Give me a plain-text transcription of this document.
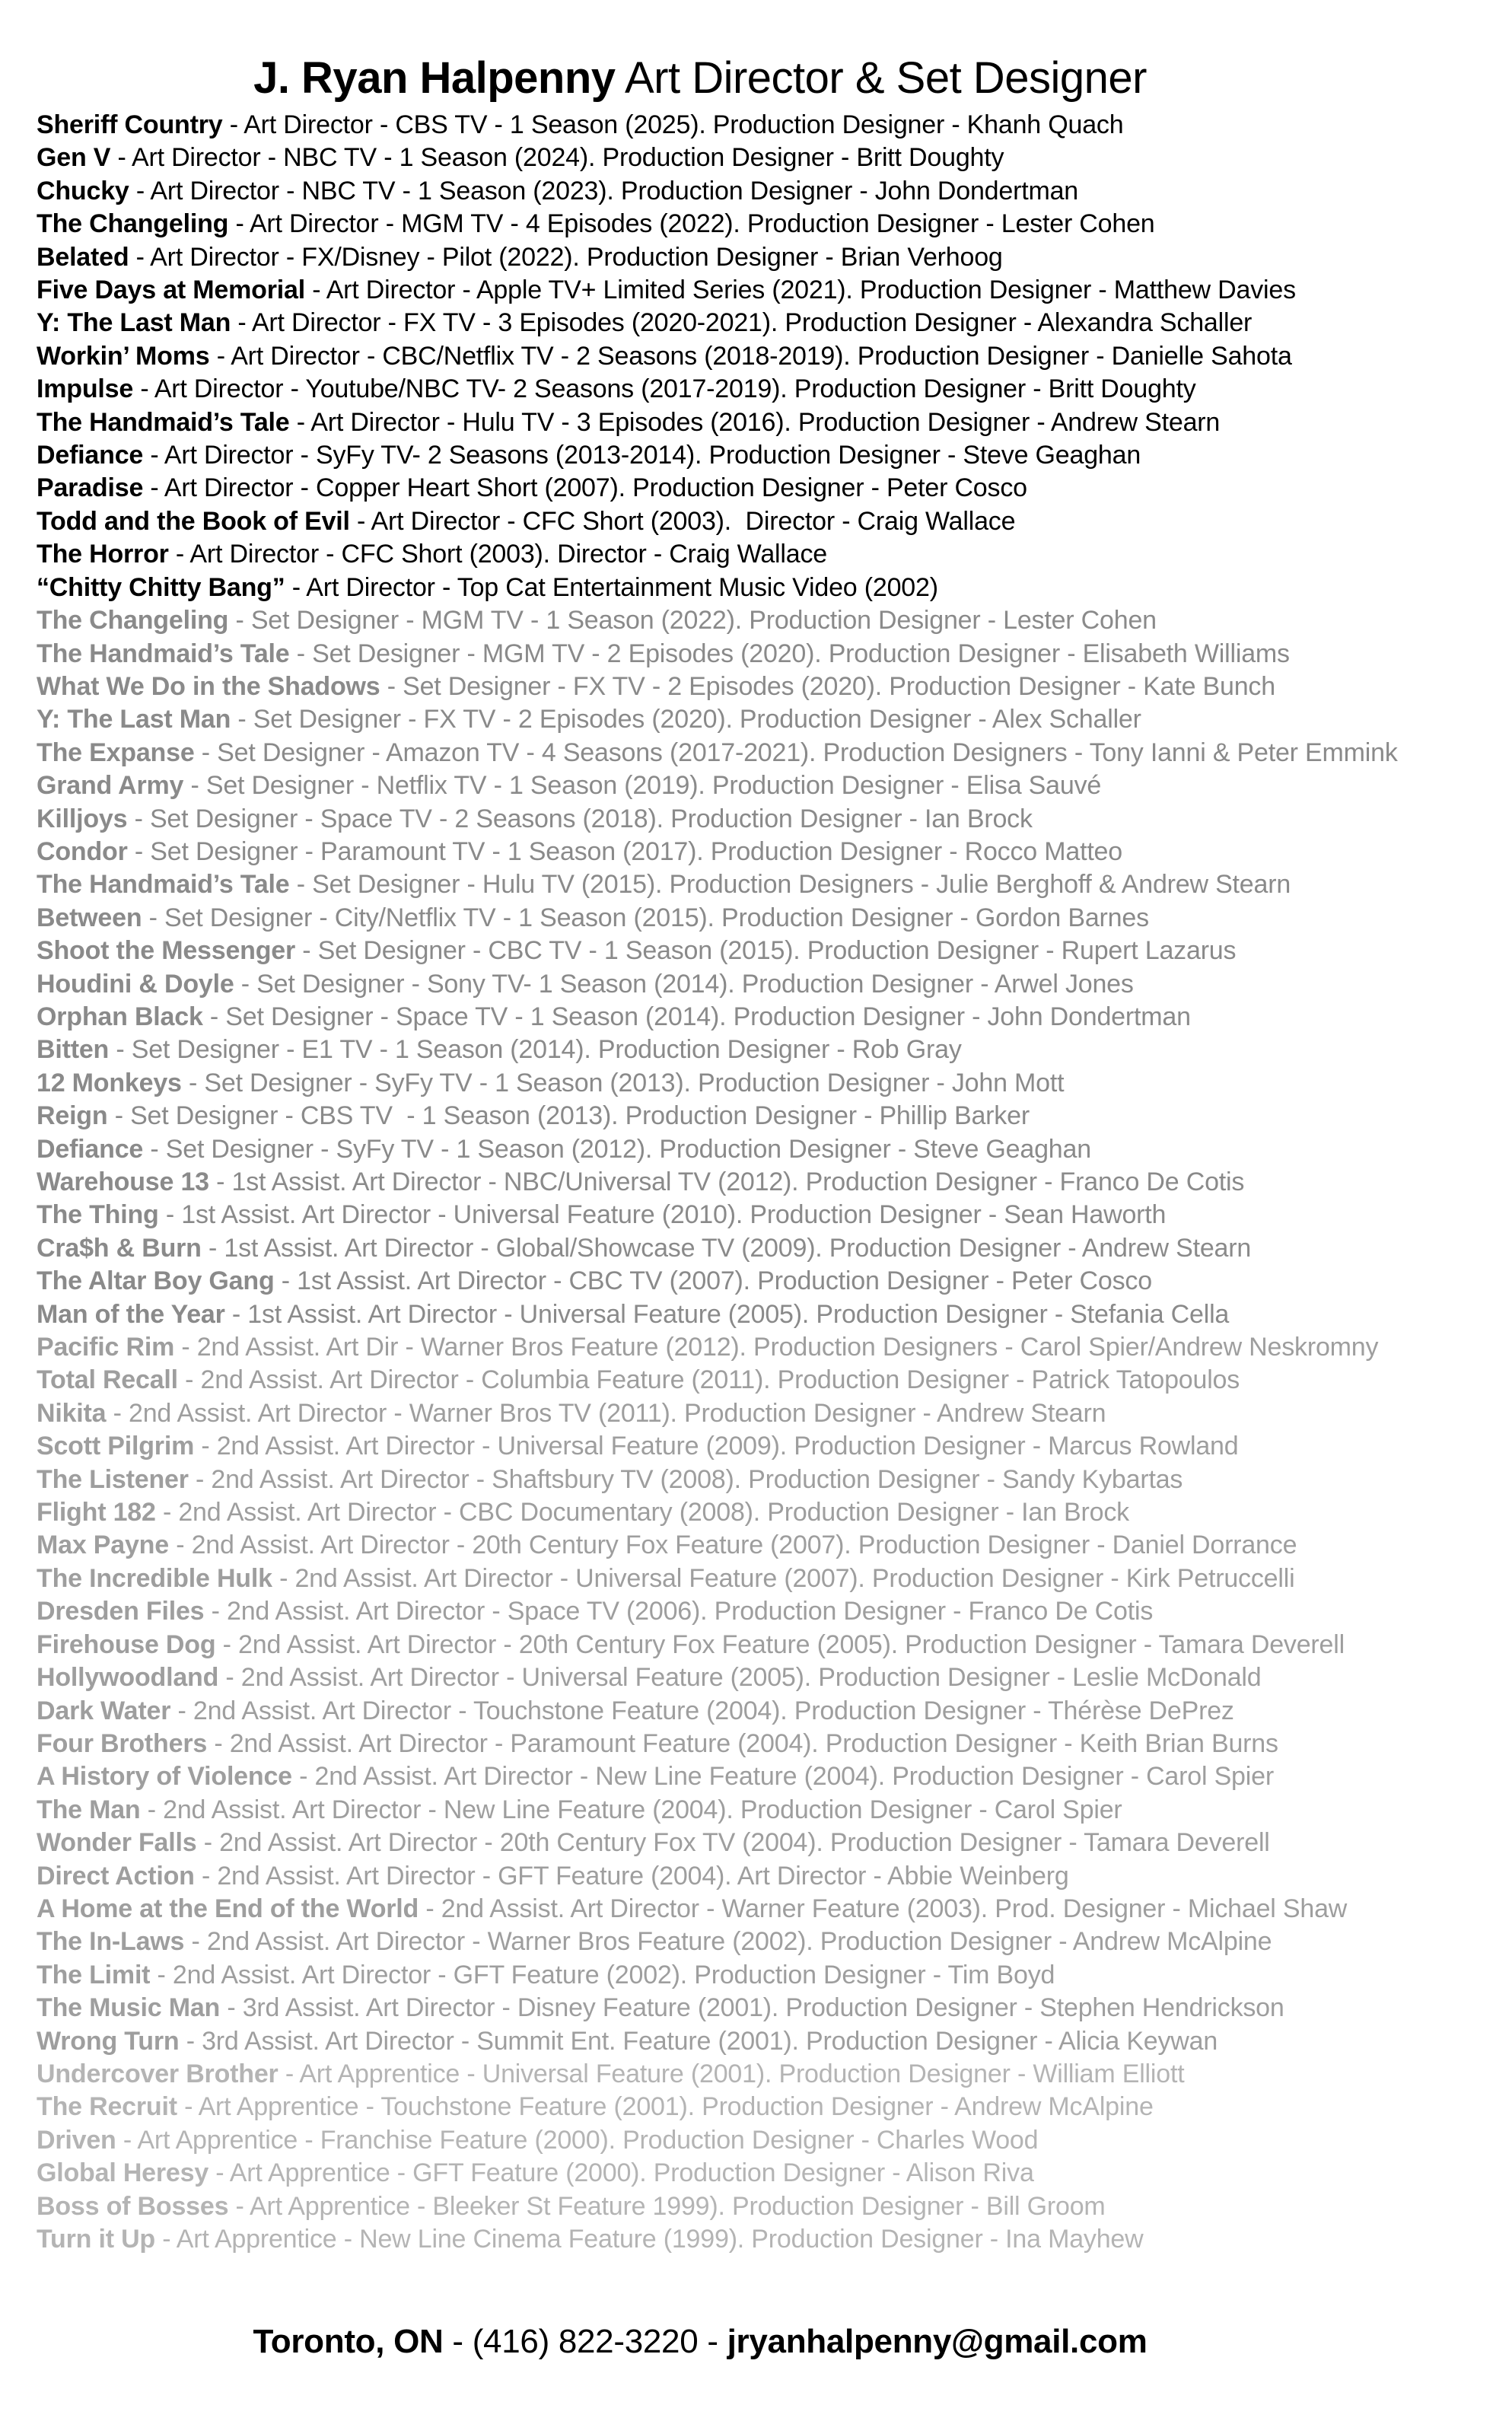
J. Ryan Halpenny Art Director & Set Designer
Sheriff Country - Art Director - CBS TV - 1 Season (2025). Production Designer - Khanh Quach
Gen V - Art Director - NBC TV - 1 Season (2024). Production Designer - Britt Doughty
Chucky - Art Director - NBC TV - 1 Season (2023). Production Designer - John Dondertman
The Changeling - Art Director - MGM TV - 4 Episodes (2022). Production Designer - Lester Cohen
Belated - Art Director - FX/Disney - Pilot (2022). Production Designer - Brian Verhoog
Five Days at Memorial - Art Director - Apple TV+ Limited Series (2021). Production Designer - Matthew Davies
Y: The Last Man - Art Director - FX TV - 3 Episodes (2020-2021). Production Designer - Alexandra Schaller
Workin’ Moms - Art Director - CBC/Netflix TV - 2 Seasons (2018-2019). Production Designer - Danielle Sahota
Impulse - Art Director - Youtube/NBC TV- 2 Seasons (2017-2019). Production Designer - Britt Doughty
The Handmaid’s Tale - Art Director - Hulu TV - 3 Episodes (2016). Production Designer - Andrew Stearn
Defiance - Art Director - SyFy TV- 2 Seasons (2013-2014). Production Designer - Steve Geaghan
Paradise - Art Director - Copper Heart Short (2007). Production Designer - Peter Cosco
Todd and the Book of Evil - Art Director - CFC Short (2003).  Director - Craig Wallace
The Horror - Art Director - CFC Short (2003). Director - Craig Wallace
“Chitty Chitty Bang” - Art Director - Top Cat Entertainment Music Video (2002)
The Changeling - Set Designer - MGM TV - 1 Season (2022). Production Designer - Lester Cohen
The Handmaid’s Tale - Set Designer - MGM TV - 2 Episodes (2020). Production Designer - Elisabeth Williams
What We Do in the Shadows - Set Designer - FX TV - 2 Episodes (2020). Production Designer - Kate Bunch
Y: The Last Man - Set Designer - FX TV - 2 Episodes (2020). Production Designer - Alex Schaller
The Expanse - Set Designer - Amazon TV - 4 Seasons (2017-2021). Production Designers - Tony Ianni & Peter Emmink
Grand Army - Set Designer - Netflix TV - 1 Season (2019). Production Designer - Elisa Sauvé
Killjoys - Set Designer - Space TV - 2 Seasons (2018). Production Designer - Ian Brock
Condor - Set Designer - Paramount TV - 1 Season (2017). Production Designer - Rocco Matteo
The Handmaid’s Tale - Set Designer - Hulu TV (2015). Production Designers - Julie Berghoff & Andrew Stearn
Between - Set Designer - City/Netflix TV - 1 Season (2015). Production Designer - Gordon Barnes
Shoot the Messenger - Set Designer - CBC TV - 1 Season (2015). Production Designer - Rupert Lazarus
Houdini & Doyle - Set Designer - Sony TV- 1 Season (2014). Production Designer - Arwel Jones
Orphan Black - Set Designer - Space TV - 1 Season (2014). Production Designer - John Dondertman
Bitten - Set Designer - E1 TV - 1 Season (2014). Production Designer - Rob Gray
12 Monkeys - Set Designer - SyFy TV - 1 Season (2013). Production Designer - John Mott
Reign - Set Designer - CBS TV  - 1 Season (2013). Production Designer - Phillip Barker
Defiance - Set Designer - SyFy TV - 1 Season (2012). Production Designer - Steve Geaghan
Warehouse 13 - 1st Assist. Art Director - NBC/Universal TV (2012). Production Designer - Franco De Cotis
The Thing - 1st Assist. Art Director - Universal Feature (2010). Production Designer - Sean Haworth
Cra$h & Burn - 1st Assist. Art Director - Global/Showcase TV (2009). Production Designer - Andrew Stearn
The Altar Boy Gang - 1st Assist. Art Director - CBC TV (2007). Production Designer - Peter Cosco
Man of the Year - 1st Assist. Art Director - Universal Feature (2005). Production Designer - Stefania Cella
Pacific Rim - 2nd Assist. Art Dir - Warner Bros Feature (2012). Production Designers - Carol Spier/Andrew Neskromny
Total Recall - 2nd Assist. Art Director - Columbia Feature (2011). Production Designer - Patrick Tatopoulos
Nikita - 2nd Assist. Art Director - Warner Bros TV (2011). Production Designer - Andrew Stearn
Scott Pilgrim - 2nd Assist. Art Director - Universal Feature (2009). Production Designer - Marcus Rowland
The Listener - 2nd Assist. Art Director - Shaftsbury TV (2008). Production Designer - Sandy Kybartas
Flight 182 - 2nd Assist. Art Director - CBC Documentary (2008). Production Designer - Ian Brock
Max Payne - 2nd Assist. Art Director - 20th Century Fox Feature (2007). Production Designer - Daniel Dorrance
The Incredible Hulk - 2nd Assist. Art Director - Universal Feature (2007). Production Designer - Kirk Petruccelli
Dresden Files - 2nd Assist. Art Director - Space TV (2006). Production Designer - Franco De Cotis
Firehouse Dog - 2nd Assist. Art Director - 20th Century Fox Feature (2005). Production Designer - Tamara Deverell
Hollywoodland - 2nd Assist. Art Director - Universal Feature (2005). Production Designer - Leslie McDonald
Dark Water - 2nd Assist. Art Director - Touchstone Feature (2004). Production Designer - Thérèse DePrez
Four Brothers - 2nd Assist. Art Director - Paramount Feature (2004). Production Designer - Keith Brian Burns
A History of Violence - 2nd Assist. Art Director - New Line Feature (2004). Production Designer - Carol Spier
The Man - 2nd Assist. Art Director - New Line Feature (2004). Production Designer - Carol Spier
Wonder Falls - 2nd Assist. Art Director - 20th Century Fox TV (2004). Production Designer - Tamara Deverell
Direct Action - 2nd Assist. Art Director - GFT Feature (2004). Art Director - Abbie Weinberg
A Home at the End of the World - 2nd Assist. Art Director - Warner Feature (2003). Prod. Designer - Michael Shaw
The In-Laws - 2nd Assist. Art Director - Warner Bros Feature (2002). Production Designer - Andrew McAlpine
The Limit - 2nd Assist. Art Director - GFT Feature (2002). Production Designer - Tim Boyd
The Music Man - 3rd Assist. Art Director - Disney Feature (2001). Production Designer - Stephen Hendrickson
Wrong Turn - 3rd Assist. Art Director - Summit Ent. Feature (2001). Production Designer - Alicia Keywan
Undercover Brother - Art Apprentice - Universal Feature (2001). Production Designer - William Elliott
The Recruit - Art Apprentice - Touchstone Feature (2001). Production Designer - Andrew McAlpine
Driven - Art Apprentice - Franchise Feature (2000). Production Designer - Charles Wood
Global Heresy - Art Apprentice - GFT Feature (2000). Production Designer - Alison Riva
Boss of Bosses - Art Apprentice - Bleeker St Feature 1999). Production Designer - Bill Groom
Turn it Up - Art Apprentice - New Line Cinema Feature (1999). Production Designer - Ina Mayhew
Toronto, ON - (416) 822-3220 - jryanhalpenny@gmail.com
